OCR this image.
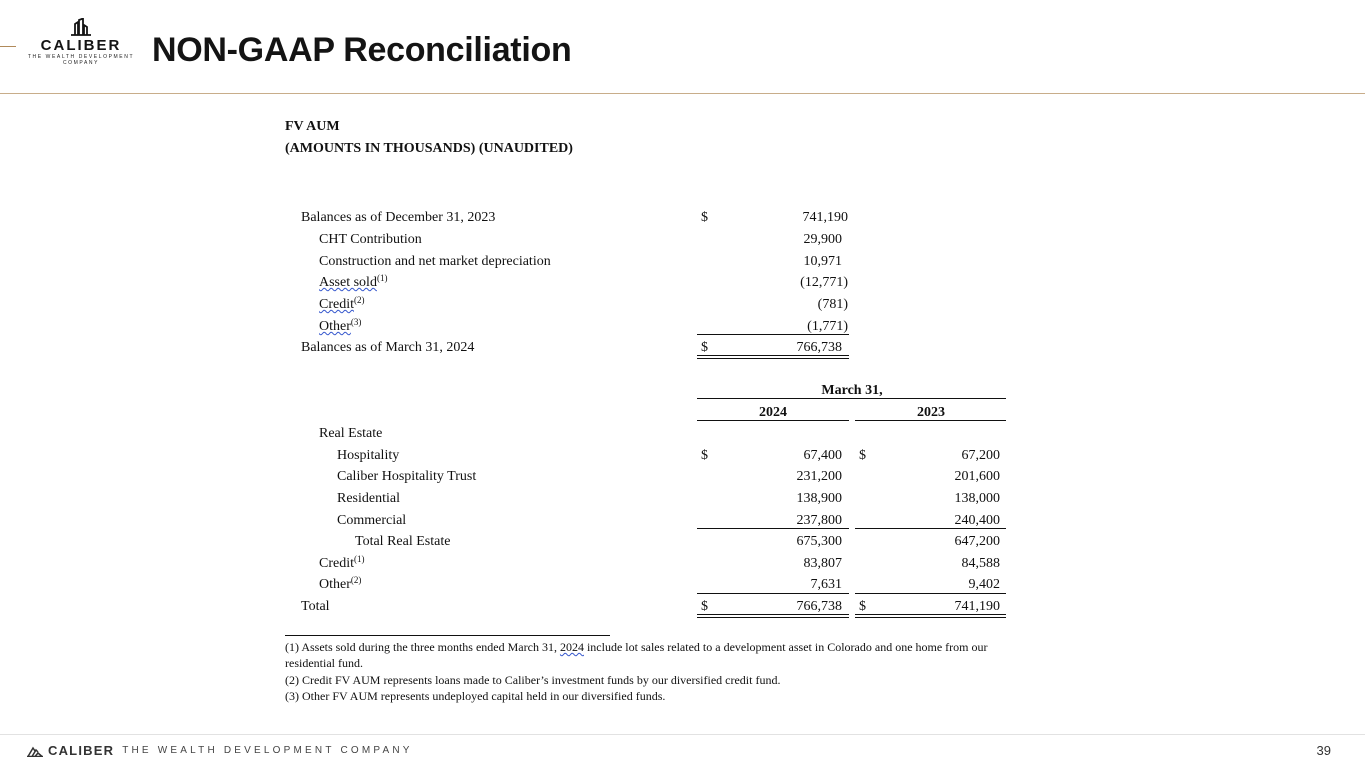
CALIBER
THE WEALTH DEVELOPMENT
COMPANY	NON-GAAP Reconciliation
FV AUM
(AMOUNTS IN THOUSANDS) (UNAUDITED)
Balances as of December 31, 2023	$	741,190
CHT Contribution	29,900
Construction and net market depreciation	10,971
Asset sold$^{(1)}$	(12,771)
Credit$^{(2)}$	(781)
Other$^{(3)}$	(1,771)
Balances as of March 31, 2024	$	766,738
March 31,
2024	2023
Real Estate
Hospitality	$	67,400 $	67,200
Caliber Hospitality Trust	231,200	201,600
Residential	138,900	138,000
Commercial	237,800	240,400
Total Real Estate	675,300	647,200
Credit$^{(1)}$	83,807	84,588
Other$^{(2)}$	7,631	9,402
Total	$	766,738 $	741,190
(1) Assets sold during the three months ended March 31, 2024 include lot sales related to a development asset in Colorado and one home from our
residential fund.
(2) Credit FV AUM represents loans made to Caliber’s investment funds by our diversified credit fund.
(3) Other FV AUM represents undeployed capital held in our diversified funds.
CALIBER THE WEALTH DEVELOPMENT COMPANY	39
